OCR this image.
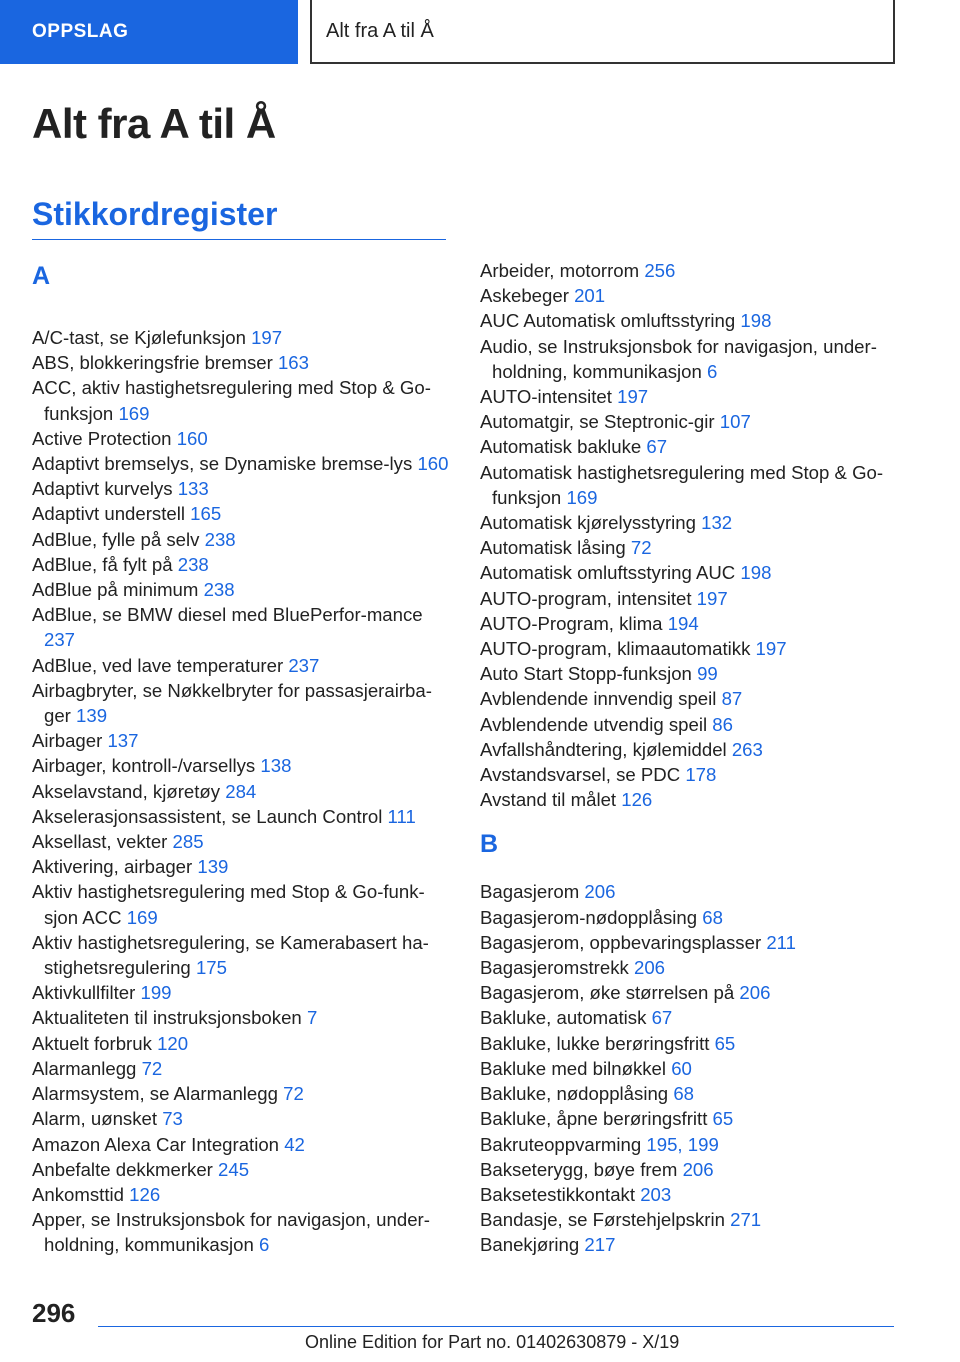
OPPSLAG	Alt fra A til Å
Alt fra A til Å
Stikkordregister
A
A/C-tast, se Kjølefunksjon 197
ABS, blokkeringsfrie bremser 163
ACC, aktiv hastighetsregulering med Stop & Go-funksjon 169
Active Protection 160
Adaptivt bremselys, se Dynamiske bremse-lys 160
Adaptivt kurvelys 133
Adaptivt understell 165
AdBlue, fylle på selv 238
AdBlue, få fylt på 238
AdBlue på minimum 238
AdBlue, se BMW diesel med BluePerfor-mance 237
AdBlue, ved lave temperaturer 237
Airbagbryter, se Nøkkelbryter for passasjerairba-ger 139
Airbager 137
Airbager, kontroll-/varsellys 138
Akselavstand, kjøretøy 284
Akselerasjonsassistent, se Launch Control 111
Aksellast, vekter 285
Aktivering, airbager 139
Aktiv hastighetsregulering med Stop & Go-funk-sjon ACC 169
Aktiv hastighetsregulering, se Kamerabasert ha-stighetsregulering 175
Aktivkullfilter 199
Aktualiteten til instruksjonsboken 7
Aktuelt forbruk 120
Alarmanlegg 72
Alarmsystem, se Alarmanlegg 72
Alarm, uønsket 73
Amazon Alexa Car Integration 42
Anbefalte dekkmerker 245
Ankomsttid 126
Apper, se Instruksjonsbok for navigasjon, under-holdning, kommunikasjon 6
Arbeider, motorrom 256
Askebeger 201
AUC Automatisk omluftsstyring 198
Audio, se Instruksjonsbok for navigasjon, under-holdning, kommunikasjon 6
AUTO-intensitet 197
Automatgir, se Steptronic-gir 107
Automatisk bakluke 67
Automatisk hastighetsregulering med Stop & Go-funksjon 169
Automatisk kjørelysstyring 132
Automatisk låsing 72
Automatisk omluftsstyring AUC 198
AUTO-program, intensitet 197
AUTO-Program, klima 194
AUTO-program, klimaautomatikk 197
Auto Start Stopp-funksjon 99
Avblendende innvendig speil 87
Avblendende utvendig speil 86
Avfallshåndtering, kjølemiddel 263
Avstandsvarsel, se PDC 178
Avstand til målet 126
B
Bagasjerom 206
Bagasjerom-nødopplåsing 68
Bagasjerom, oppbevaringsplasser 211
Bagasjeromstrekk 206
Bagasjerom, øke størrelsen på 206
Bakluke, automatisk 67
Bakluke, lukke berøringsfritt 65
Bakluke med bilnøkkel 60
Bakluke, nødopplåsing 68
Bakluke, åpne berøringsfritt 65
Bakruteoppvarming 195, 199
Bakseterygg, bøye frem 206
Baksetestikkontakt 203
Bandasje, se Førstehjelpskrin 271
Banekjøring 217
296
Online Edition for Part no. 01402630879 - X/19
